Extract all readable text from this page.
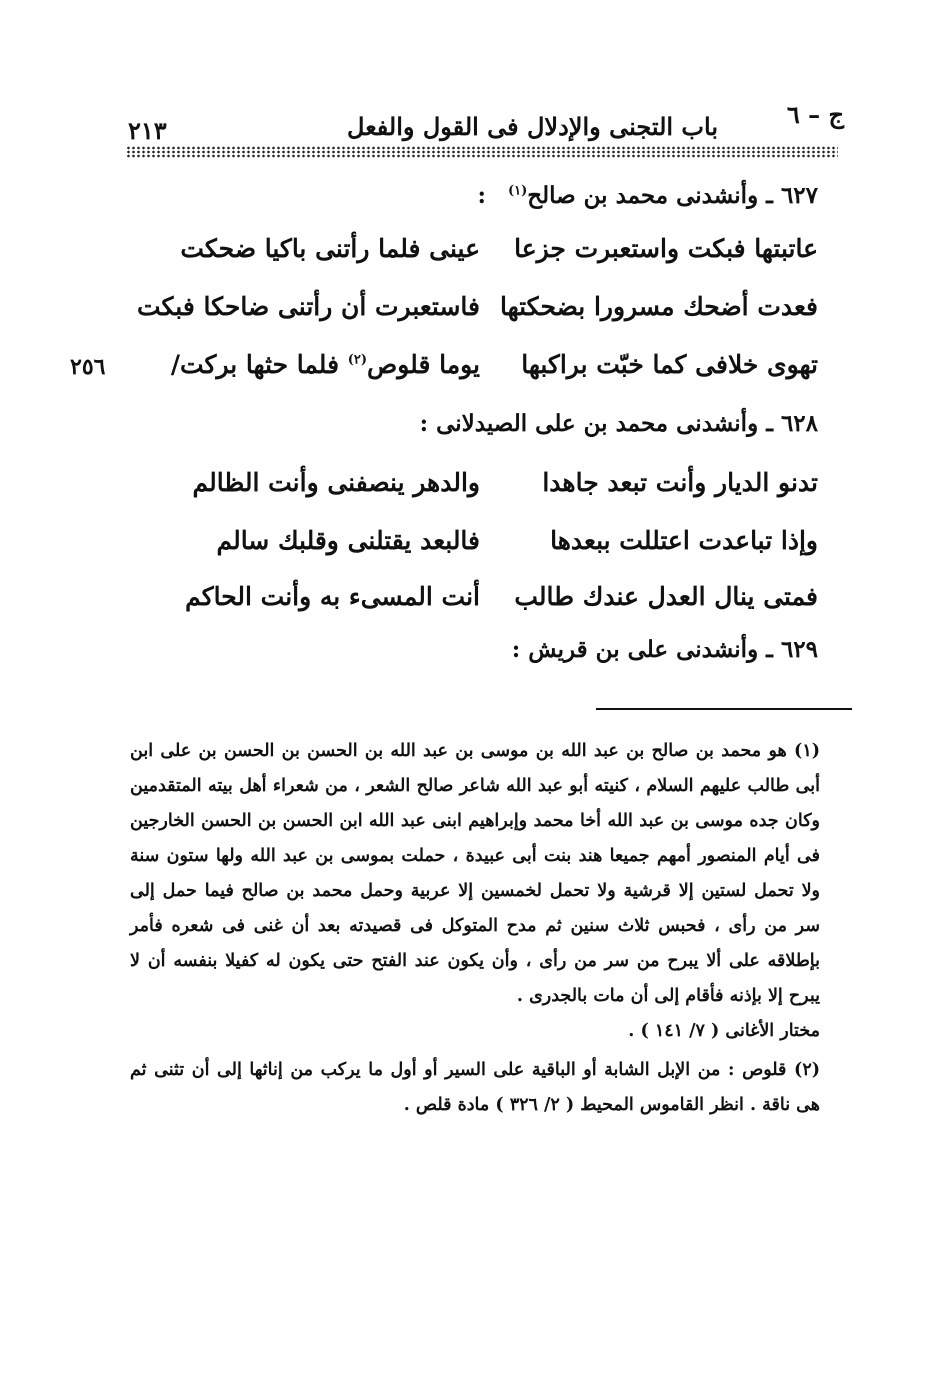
٢١٣	باب التجنى والإدلال فى القول والفعل	ج – ٦
٦٢٧ ـ وأنشدنى محمد بن صالح$^{(١)}$ :
عاتبتها فبكت واستعبرت جزعا
عينى فلما رأتنى باكيا ضحكت
فعدت أضحك مسرورا بضحكتها
فاستعبرت أن رأتنى ضاحكا فبكت
تهوى خلافى كما خبّت براكبها
يوما قلوص$^{(٢)}$ فلما حثها بركت/
٢٥٦
٦٢٨ ـ وأنشدنى محمد بن على الصيدلانى :
تدنو الديار وأنت تبعد جاهدا
والدهر ينصفنى وأنت الظالم
وإذا تباعدت اعتللت ببعدها
فالبعد يقتلنى وقلبك سالم
فمتى ينال العدل عندك طالب
أنت المسىء به وأنت الحاكم
٦٢٩ ـ وأنشدنى على بن قريش :

(١) هو محمد بن صالح بن عبد الله بن موسى بن عبد الله بن الحسن بن الحسن بن على ابن أبى طالب عليهم السلام ، كنيته أبو عبد الله شاعر صالح الشعر ، من شعراء أهل بيته المتقدمين وكان جده موسى بن عبد الله أخا محمد وإبراهيم ابنى عبد الله ابن الحسن بن الحسن الخارجين فى أيام المنصور أمهم جميعا هند بنت أبى عبيدة ، حملت بموسى بن عبد الله ولها ستون سنة ولا تحمل لستين إلا قرشية ولا تحمل لخمسين إلا عربية وحمل محمد بن صالح فيما حمل إلى سر من رأى ، فحبس ثلاث سنين ثم مدح المتوكل فى قصيدته بعد أن غنى فى شعره فأمر بإطلاقه على ألا يبرح من سر من رأى ، وأن يكون عند الفتح حتى يكون له كفيلا بنفسه أن لا يبرح إلا بإذنه فأقام إلى أن مات بالجدرى .

مختار الأغانى ( ٧/ ١٤١ ) .

(٢) قلوص : من الإبل الشابة أو الباقية على السير أو أول ما يركب من إناثها إلى أن تثنى ثم هى ناقة . انظر القاموس المحيط ( ٢/ ٣٢٦ ) مادة قلص .
